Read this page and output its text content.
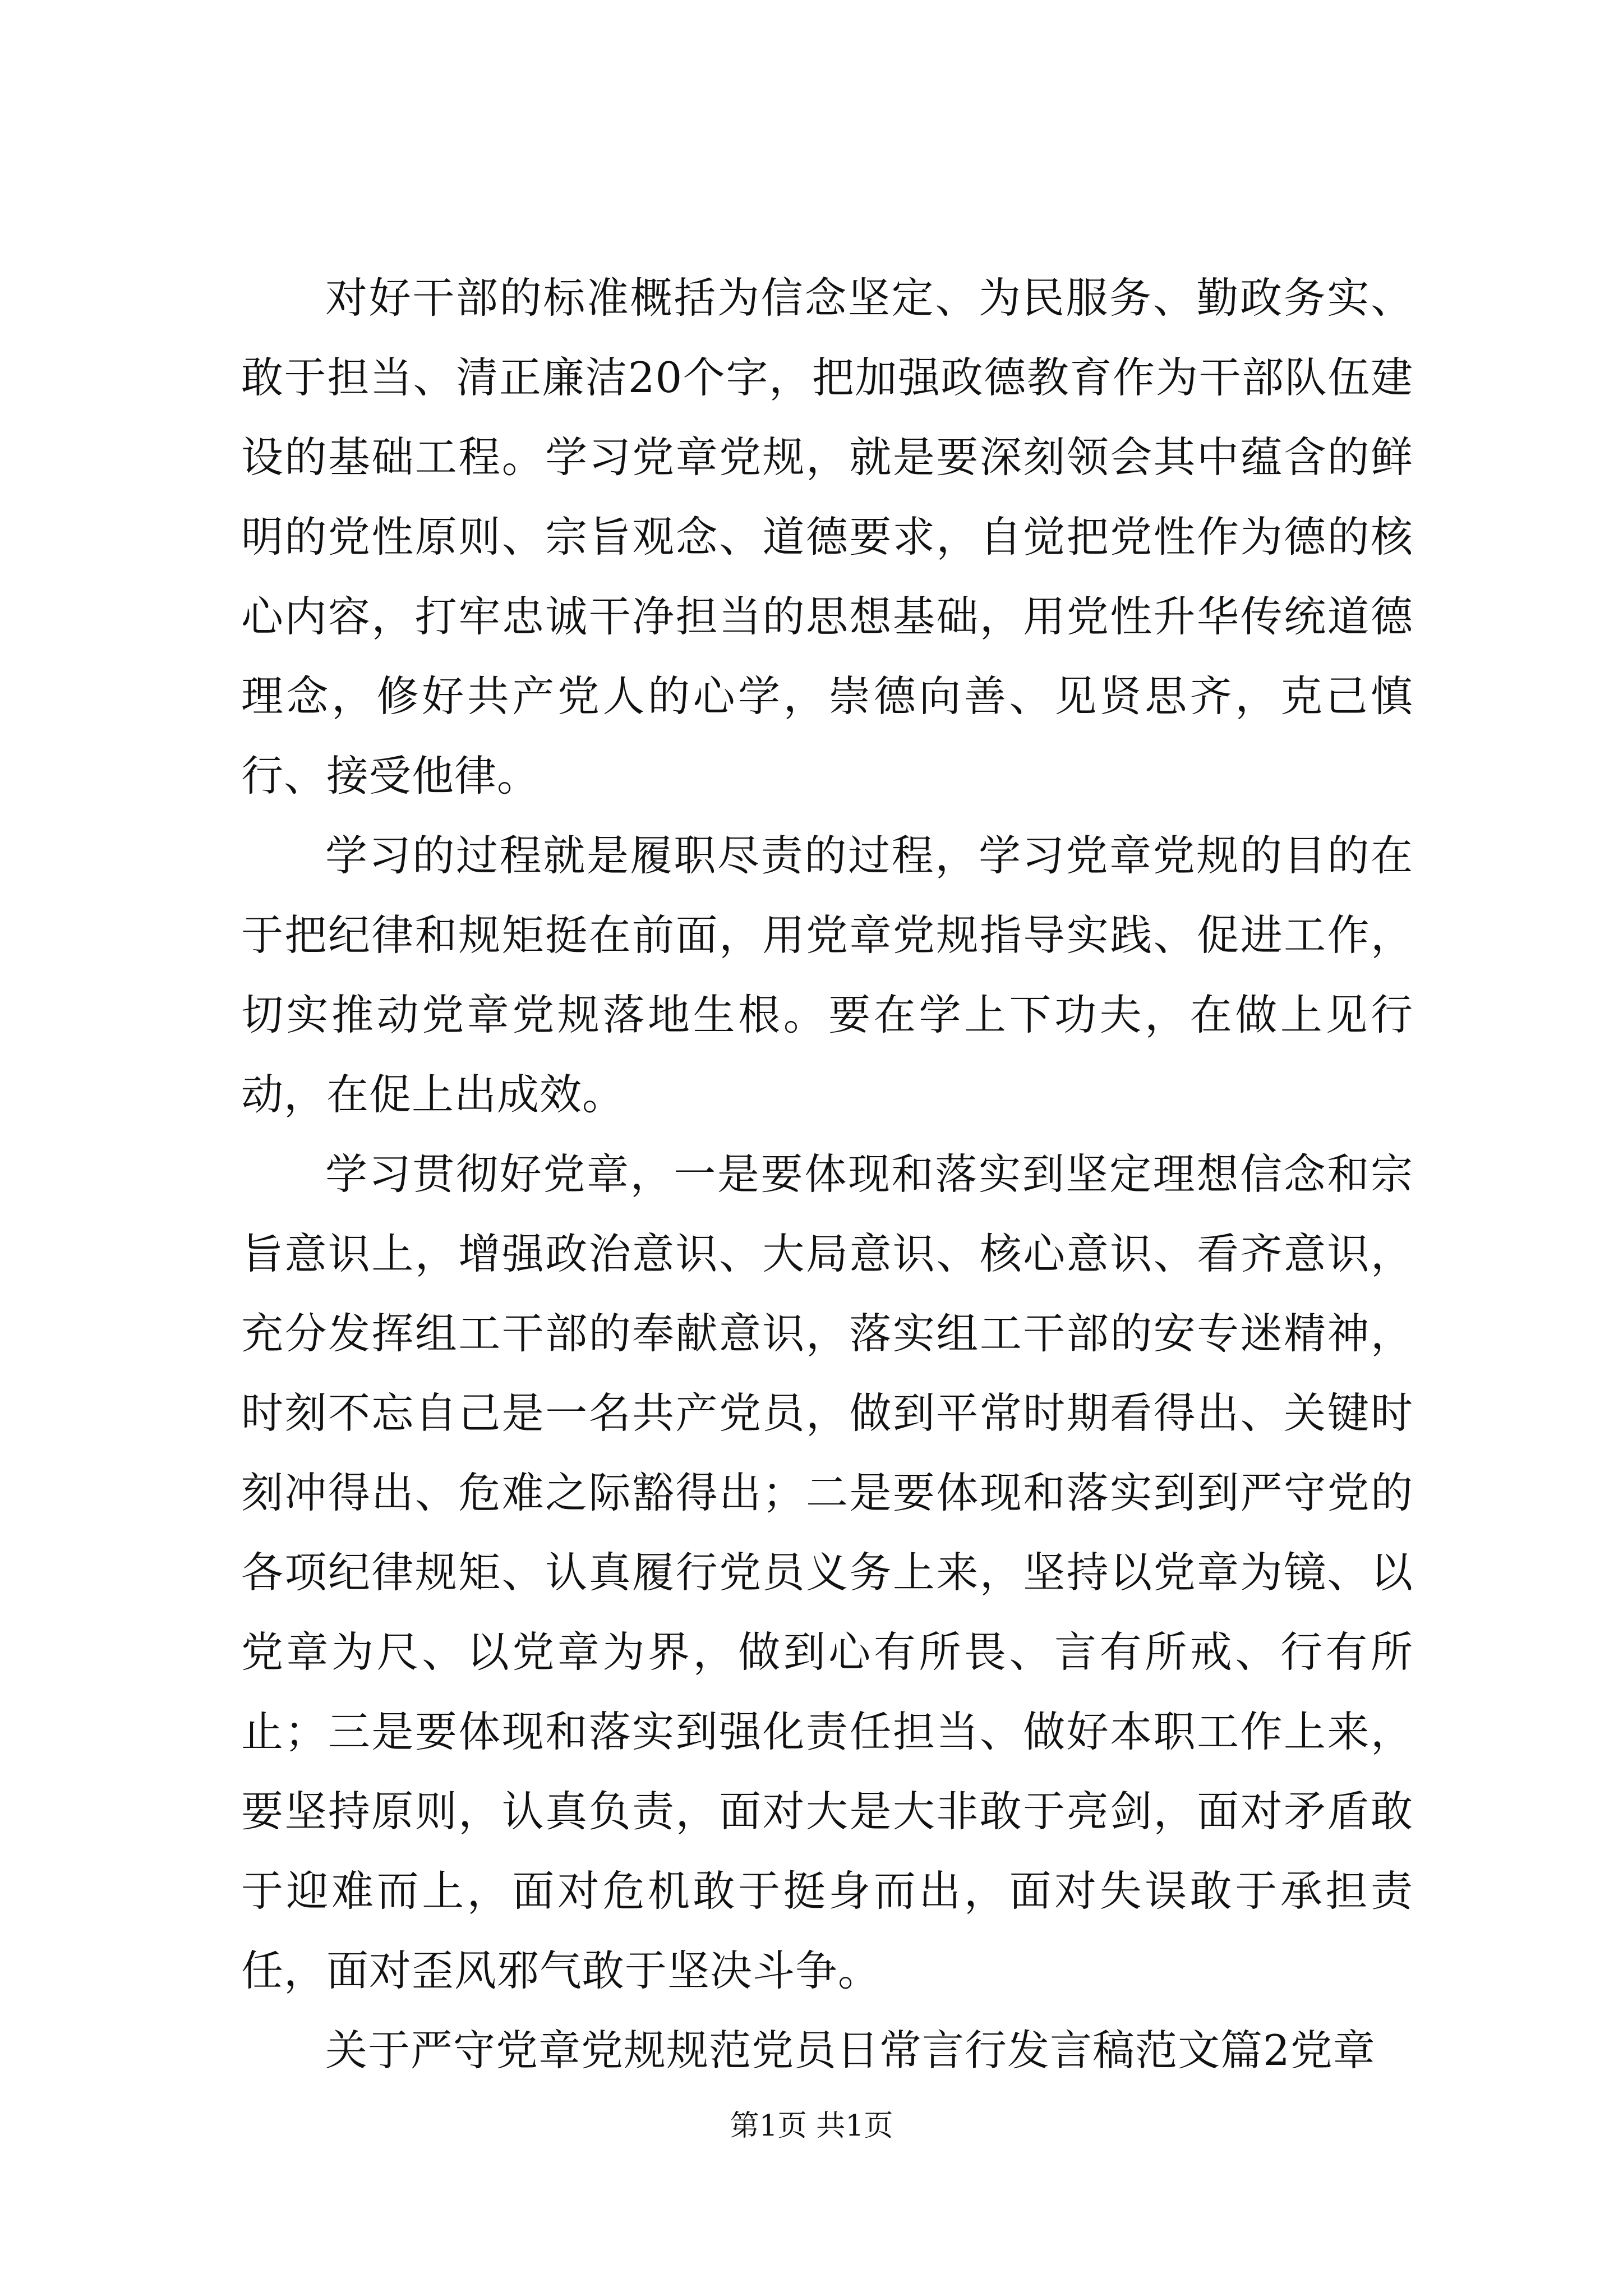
对好干部的标准概括为信念坚定、为民服务、勤政务实、敢于担当、清正廉洁20个字，把加强政德教育作为干部队伍建设的基础工程。学习党章党规，就是要深刻领会其中蕴含的鲜明的党性原则、宗旨观念、道德要求，自觉把党性作为德的核心内容，打牢忠诚干净担当的思想基础，用党性升华传统道德理念，修好共产党人的心学，崇德向善、见贤思齐，克己慎行、接受他律。

学习的过程就是履职尽责的过程，学习党章党规的目的在于把纪律和规矩挺在前面，用党章党规指导实践、促进工作，切实推动党章党规落地生根。要在学上下功夫，在做上见行动，在促上出成效。

学习贯彻好党章，一是要体现和落实到坚定理想信念和宗旨意识上，增强政治意识、大局意识、核心意识、看齐意识，充分发挥组工干部的奉献意识，落实组工干部的安专迷精神，时刻不忘自己是一名共产党员，做到平常时期看得出、关键时刻冲得出、危难之际豁得出；二是要体现和落实到到严守党的各项纪律规矩、认真履行党员义务上来，坚持以党章为镜、以党章为尺、以党章为界，做到心有所畏、言有所戒、行有所止；三是要体现和落实到强化责任担当、做好本职工作上来，要坚持原则，认真负责，面对大是大非敢于亮剑，面对矛盾敢于迎难而上，面对危机敢于挺身而出，面对失误敢于承担责任，面对歪风邪气敢于坚决斗争。

关于严守党章党规规范党员日常言行发言稿范文篇2党章

第1页 共1页
